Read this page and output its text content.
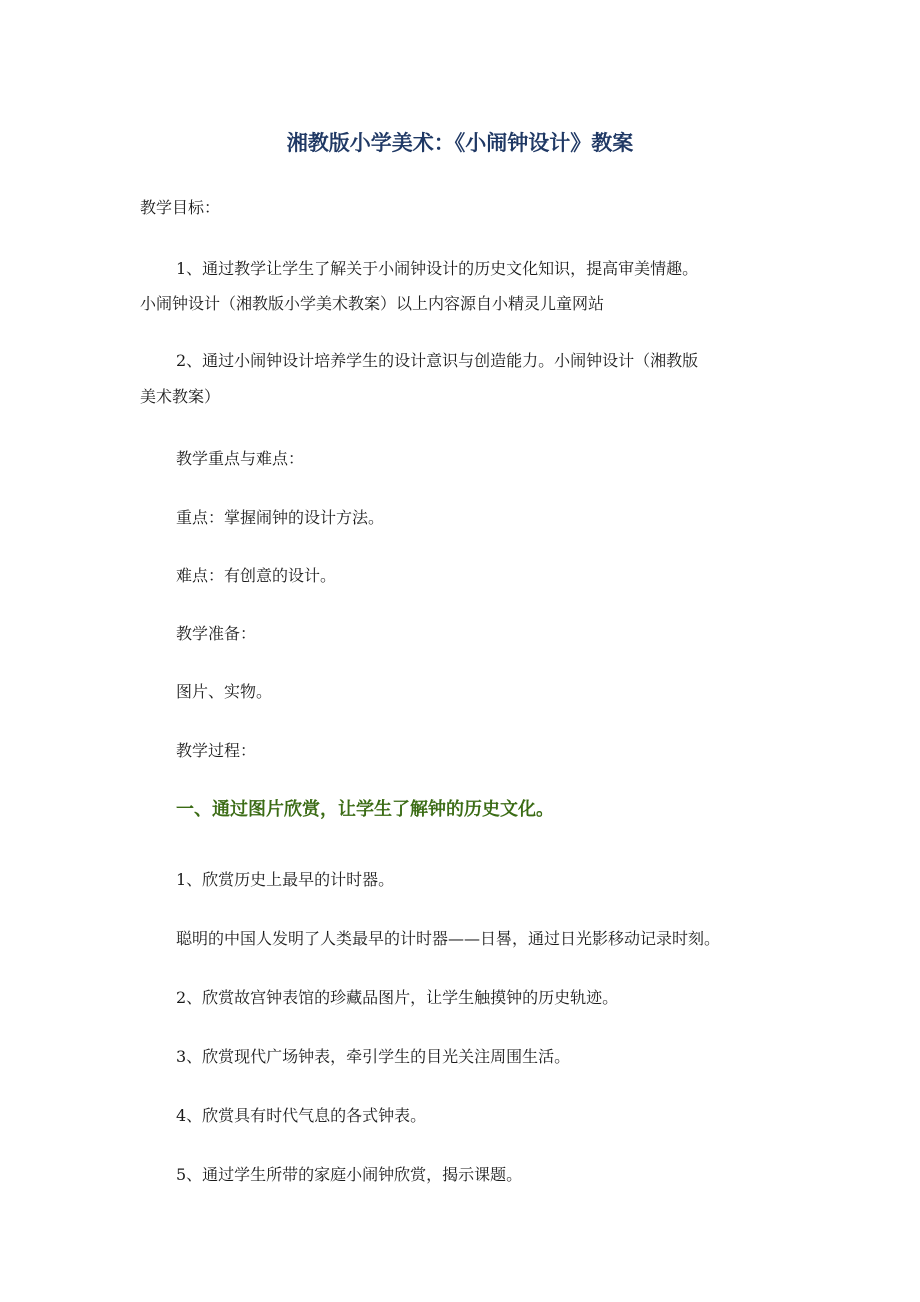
湘教版小学美术：《小闹钟设计》教案

教学目标：

1、通过教学让学生了解关于小闹钟设计的历史文化知识，提高审美情趣。

小闹钟设计（湘教版小学美术教案）以上内容源自小精灵儿童网站

2、通过小闹钟设计培养学生的设计意识与创造能力。小闹钟设计（湘教版

美术教案）

教学重点与难点：

重点：掌握闹钟的设计方法。

难点：有创意的设计。

教学准备：

图片、实物。

教学过程：

一、通过图片欣赏，让学生了解钟的历史文化。

1、欣赏历史上最早的计时器。

聪明的中国人发明了人类最早的计时器——日晷，通过日光影移动记录时刻。

2、欣赏故宫钟表馆的珍藏品图片，让学生触摸钟的历史轨迹。

3、欣赏现代广场钟表，牵引学生的目光关注周围生活。

4、欣赏具有时代气息的各式钟表。

5、通过学生所带的家庭小闹钟欣赏，揭示课题。
